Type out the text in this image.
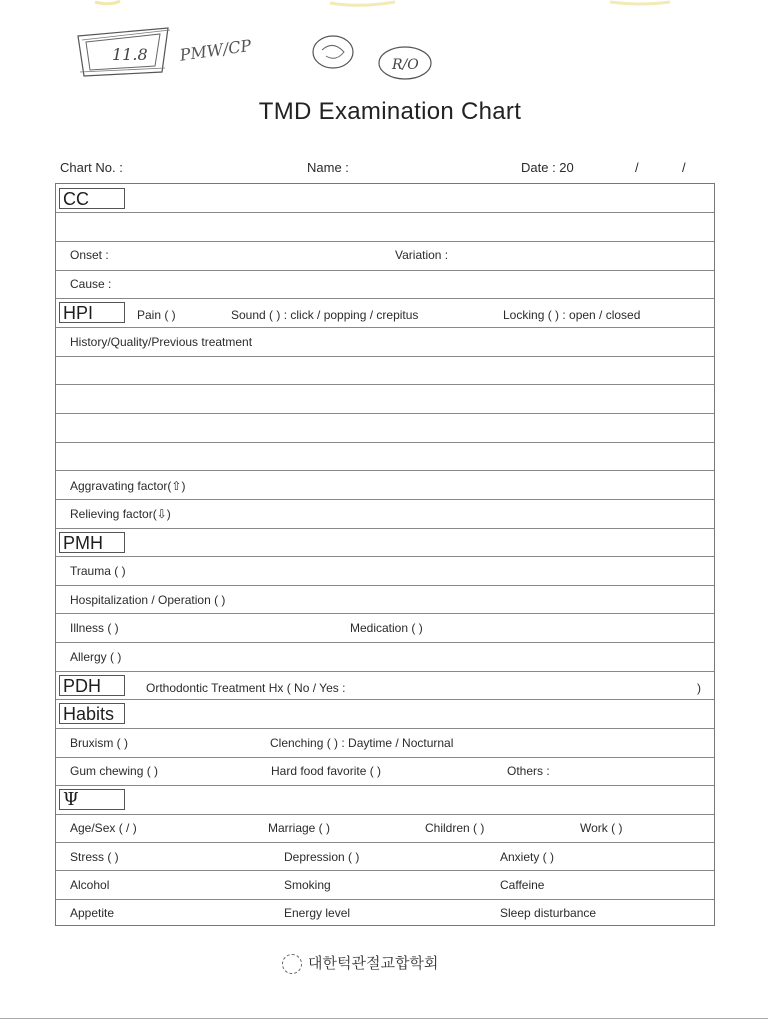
11.8 PMW/CP
R/O
TMD Examination Chart
Chart No. :	Name :	Date : 20	/	/
CC
Onset :	Variation :
Cause :
HPI	Pain ( )	Sound ( ) : click / popping / crepitus	Locking ( ) : open / closed
History/Quality/Previous treatment
Aggravating factor(⇧)
Relieving factor(⇩)
PMH
Trauma ( )
Hospitalization / Operation ( )
Illness ( )	Medication ( )
Allergy ( )
PDH	Orthodontic Treatment Hx ( No / Yes :	)
Habits
Bruxism ( )	Clenching ( ) : Daytime / Nocturnal
Gum chewing ( )	Hard food favorite ( )	Others :
Ψ
Age/Sex ( / )	Marriage ( )	Children ( )	Work ( )
Stress ( )	Depression ( )	Anxiety ( )
Alcohol	Smoking	Caffeine
Appetite	Energy level	Sleep disturbance
대한턱관절교합학회
